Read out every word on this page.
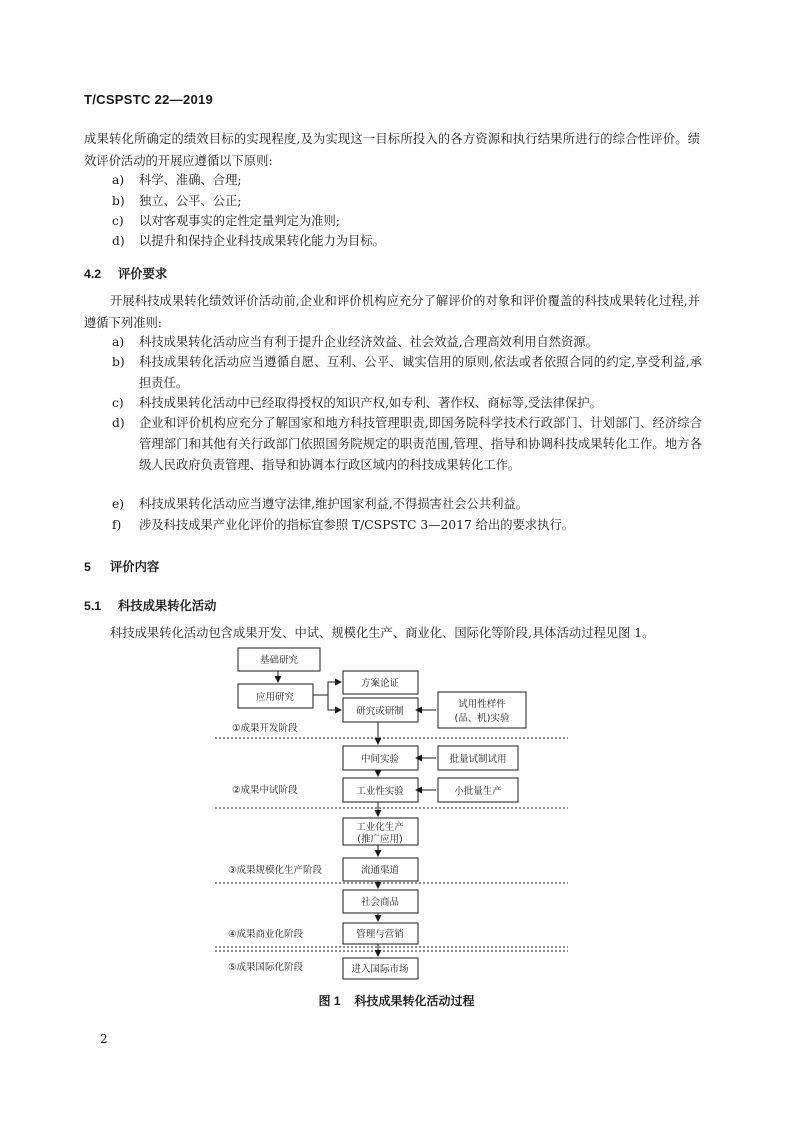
T/CSPSTC 22—2019
成果转化所确定的绩效目标的实现程度,及为实现这一目标所投入的各方资源和执行结果所进行的综合性评价。绩效评价活动的开展应遵循以下原则:
a)	科学、准确、合理;
b)	独立、公平、公正;
c)	以对客观事实的定性定量判定为准则;
d)	以提升和保持企业科技成果转化能力为目标。
4.2 评价要求
开展科技成果转化绩效评价活动前,企业和评价机构应充分了解评价的对象和评价覆盖的科技成果转化过程,并遵循下列准则:
a)	科技成果转化活动应当有利于提升企业经济效益、社会效益,合理高效利用自然资源。
b)	科技成果转化活动应当遵循自愿、互利、公平、诚实信用的原则,依法或者依照合同的约定,享受利益,承担责任。
c)	科技成果转化活动中已经取得授权的知识产权,如专利、著作权、商标等,受法律保护。
d)	企业和评价机构应充分了解国家和地方科技管理职责,即国务院科学技术行政部门、计划部门、经济综合管理部门和其他有关行政部门依照国务院规定的职责范围,管理、指导和协调科技成果转化工作。地方各级人民政府负责管理、指导和协调本行政区域内的科技成果转化工作。
e)	科技成果转化活动应当遵守法律,维护国家利益,不得损害社会公共利益。
f)	涉及科技成果产业化评价的指标宜参照 T/CSPSTC 3—2017 给出的要求执行。
5 评价内容
5.1 科技成果转化活动
科技成果转化活动包含成果开发、中试、规模化生产、商业化、国际化等阶段,具体活动过程见图 1。
基础研究
应用研究
方案论证
研究或研制
试用性样件
(品、机)实验
中间实验	批量试制试用
工业性实验	小批量生产
工业化生产
(推广应用)
流通渠道
社会商品
管理与营销
进入国际市场
①成果开发阶段
②成果中试阶段
③成果规模化生产阶段
④成果商业化阶段
⑤成果国际化阶段
图 1 科技成果转化活动过程
2
